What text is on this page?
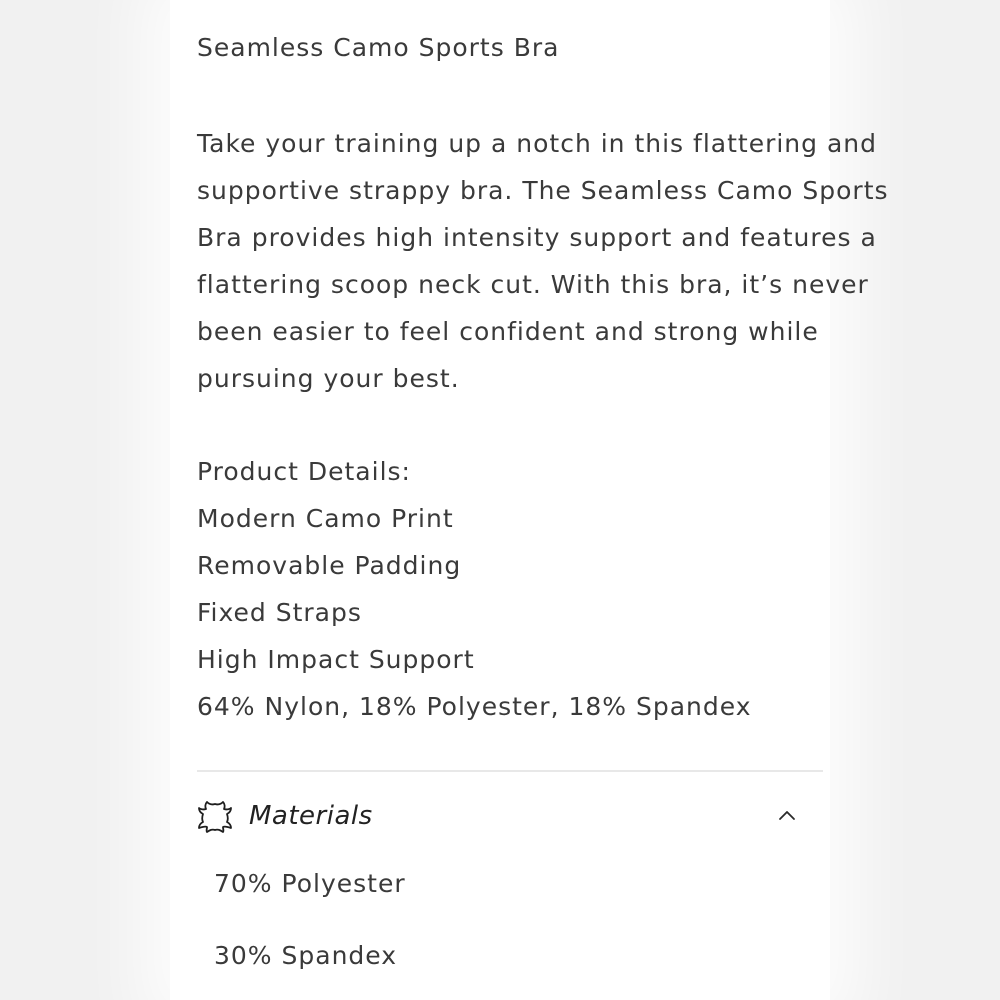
Seamless Camo Sports Bra
Take your training up a notch in this flattering and
supportive strappy bra. The Seamless Camo Sports
Bra provides high intensity support and features a
flattering scoop neck cut. With this bra, it’s never
been easier to feel confident and strong while
pursuing your best.
Product Details:
Modern Camo Print
Removable Padding
Fixed Straps
High Impact Support
64% Nylon, 18% Polyester, 18% Spandex
Materials
70% Polyester
30% Spandex
